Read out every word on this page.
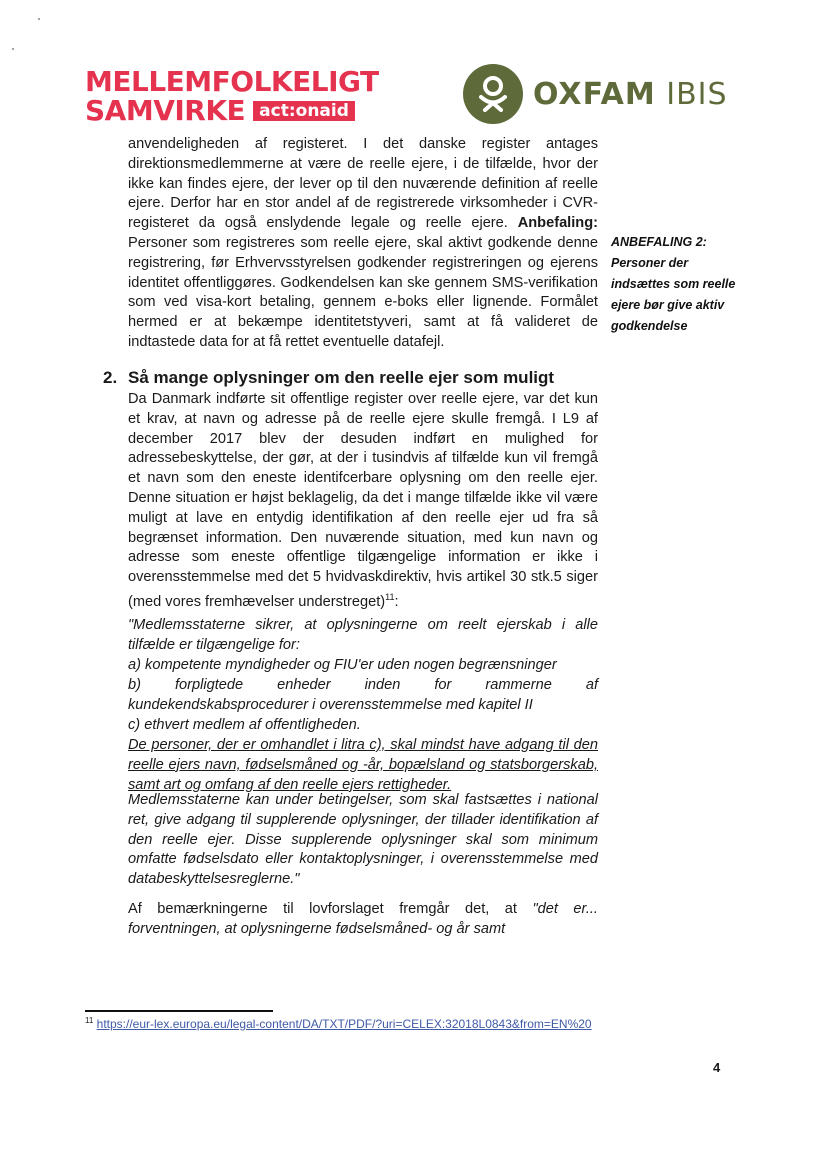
MELLEMFOLKELIGT
SAMVIRKE act:onaid	OXFAM IBIS
anvendeligheden af registeret. I det danske register antages direktionsmedlemmerne at være de reelle ejere, i de tilfælde, hvor der ikke kan findes ejere, der lever op til den nuværende definition af reelle ejere. Derfor har en stor andel af de registrerede virksomheder i CVR-registeret da også enslydende legale og reelle ejere. Anbefaling: Personer som registreres som reelle ejere, skal aktivt godkende denne registrering, før Erhvervsstyrelsen godkender registreringen og ejerens identitet offentliggøres. Godkendelsen kan ske gennem SMS-verifikation som ved visa-kort betaling, gennem e-boks eller lignende. Formålet hermed er at bekæmpe identitetstyveri, samt at få valideret de indtastede data for at få rettet eventuelle datafejl.
ANBEFALING 2:
Personer der
indsættes som reelle
ejere bør give aktiv
godkendelse
2. Så mange oplysninger om den reelle ejer som muligt
Da Danmark indførte sit offentlige register over reelle ejere, var det kun et krav, at navn og adresse på de reelle ejere skulle fremgå. I L9 af december 2017 blev der desuden indført en mulighed for adressebeskyttelse, der gør, at der i tusindvis af tilfælde kun vil fremgå et navn som den eneste identifcerbare oplysning om den reelle ejer. Denne situation er højst beklagelig, da det i mange tilfælde ikke vil være muligt at lave en entydig identifikation af den reelle ejer ud fra så begrænset information. Den nuværende situation, med kun navn og adresse som eneste offentlige tilgængelige information er ikke i overensstemmelse med det 5 hvidvaskdirektiv, hvis artikel 30 stk.5 siger (med vores fremhævelser understreget)$^{11}$:
"Medlemsstaterne sikrer, at oplysningerne om reelt ejerskab i alle tilfælde er tilgængelige for:
a) kompetente myndigheder og FIU'er uden nogen begrænsninger
b) forpligtede enheder inden for rammerne af kundekendskabsprocedurer i overensstemmelse med kapitel II
c) ethvert medlem af offentligheden.
De personer, der er omhandlet i litra c), skal mindst have adgang til den reelle ejers navn, fødselsmåned og -år, bopælsland og statsborgerskab, samt art og omfang af den reelle ejers rettigheder.
Medlemsstaterne kan under betingelser, som skal fastsættes i national ret, give adgang til supplerende oplysninger, der tillader identifikation af den reelle ejer. Disse supplerende oplysninger skal som minimum omfatte fødselsdato eller kontaktoplysninger, i overensstemmelse med databeskyttelsesreglerne."
Af bemærkningerne til lovforslaget fremgår det, at "det er... forventningen, at oplysningerne fødselsmåned- og år samt
$^{11}$ https://eur-lex.europa.eu/legal-content/DA/TXT/PDF/?uri=CELEX:32018L0843&from=EN%20
4
